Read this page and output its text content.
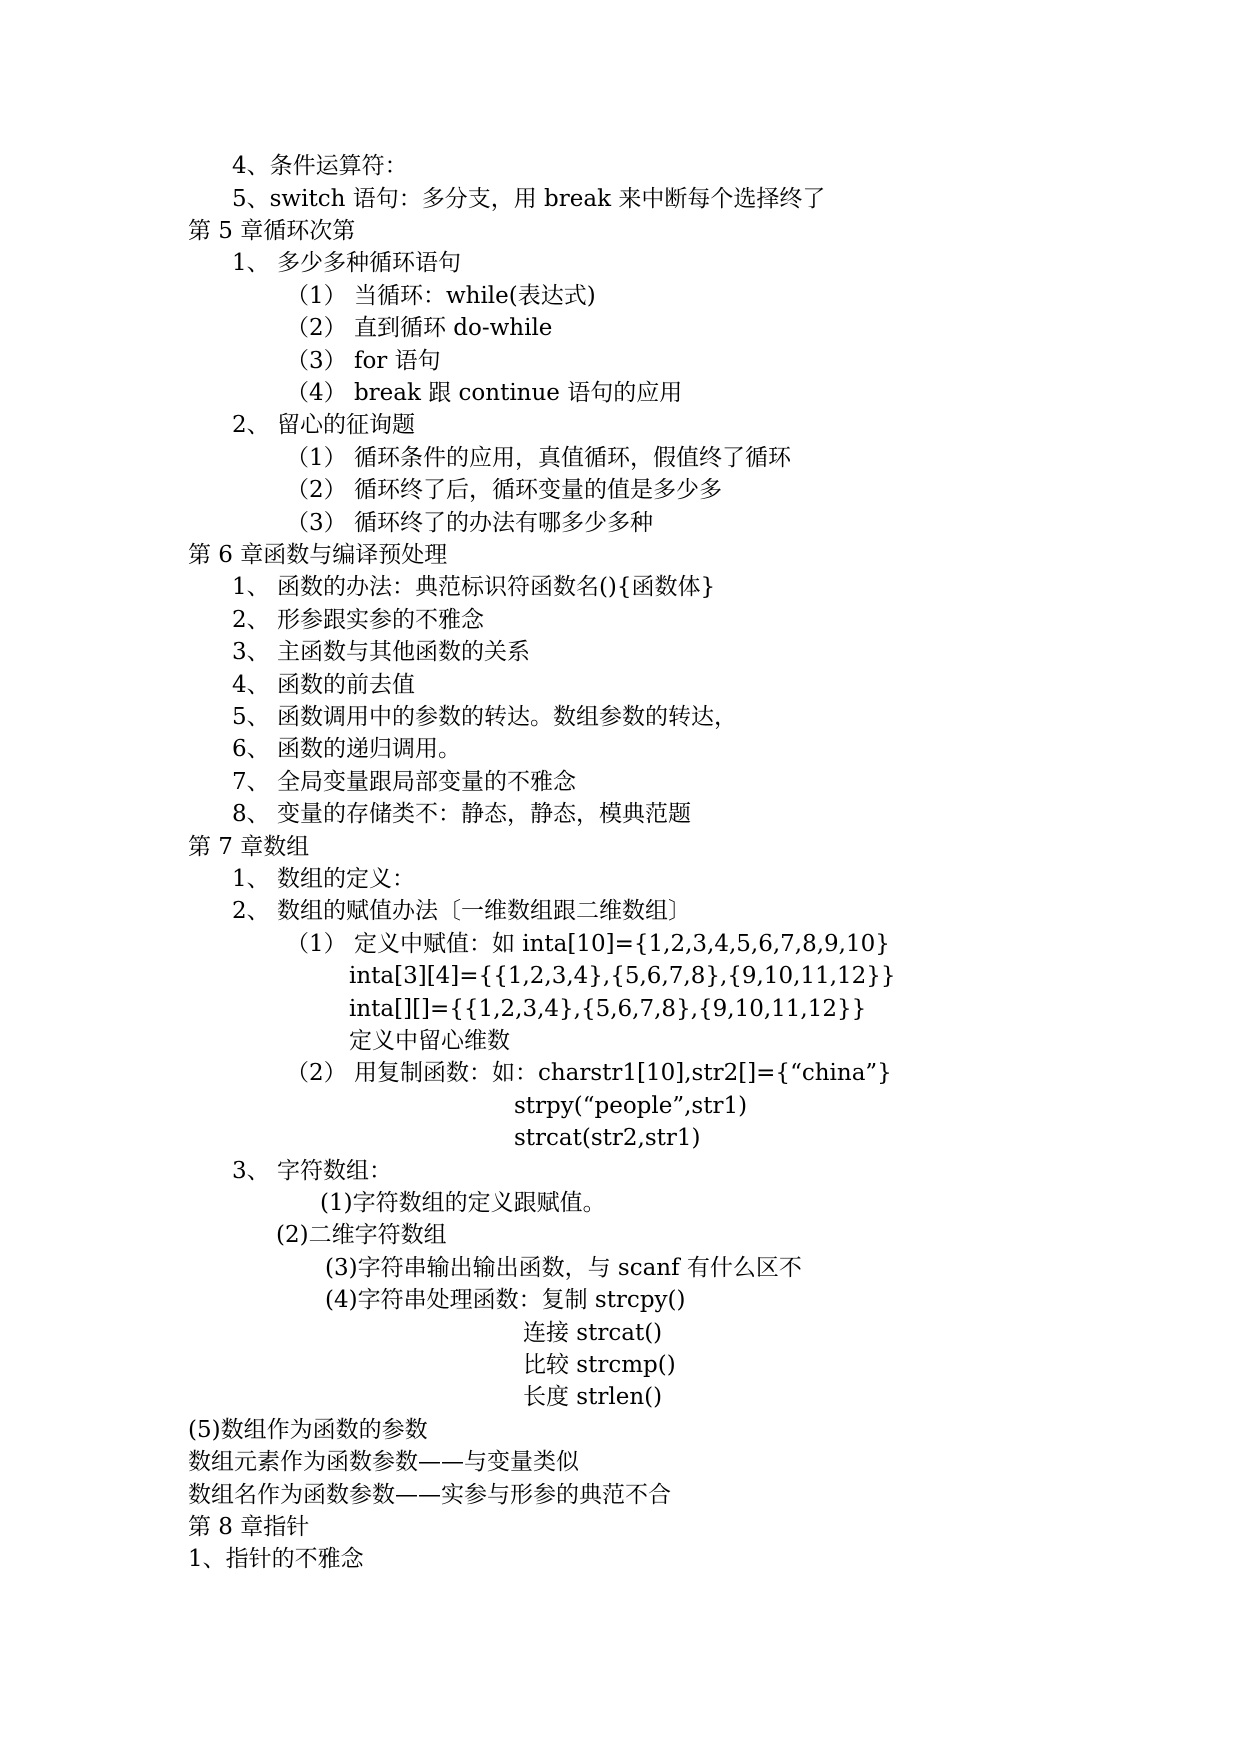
4、条件运算符：
5、switch 语句：多分支，用 break 来中断每个选择终了
第 5 章循环次第
1、 多少多种循环语句
（1） 当循环：while(表达式)
（2） 直到循环 do-while
（3） for 语句
（4） break 跟 continue 语句的应用
2、 留心的征询题
（1） 循环条件的应用，真值循环，假值终了循环
（2） 循环终了后，循环变量的值是多少多
（3） 循环终了的办法有哪多少多种
第 6 章函数与编译预处理
1、 函数的办法：典范标识符函数名(){函数体}
2、 形参跟实参的不雅念
3、 主函数与其他函数的关系
4、 函数的前去值
5、 函数调用中的参数的转达。数组参数的转达，
6、 函数的递归调用。
7、 全局变量跟局部变量的不雅念
8、 变量的存储类不：静态，静态，模典范题
第 7 章数组
1、 数组的定义：
2、 数组的赋值办法〔一维数组跟二维数组〕
（1） 定义中赋值：如 inta[10]={1,2,3,4,5,6,7,8,9,10}
inta[3][4]={{1,2,3,4},{5,6,7,8},{9,10,11,12}}
inta[][]={{1,2,3,4},{5,6,7,8},{9,10,11,12}}
定义中留心维数
（2） 用复制函数：如：charstr1[10],str2[]={“china”}
strpy(“people”,str1)
strcat(str2,str1)
3、 字符数组：
(1)字符数组的定义跟赋值。
(2)二维字符数组
(3)字符串输出输出函数，与 scanf 有什么区不
(4)字符串处理函数：复制 strcpy()
连接 strcat()
比较 strcmp()
长度 strlen()
(5)数组作为函数的参数
数组元素作为函数参数——与变量类似
数组名作为函数参数——实参与形参的典范不合
第 8 章指针
1、指针的不雅念
